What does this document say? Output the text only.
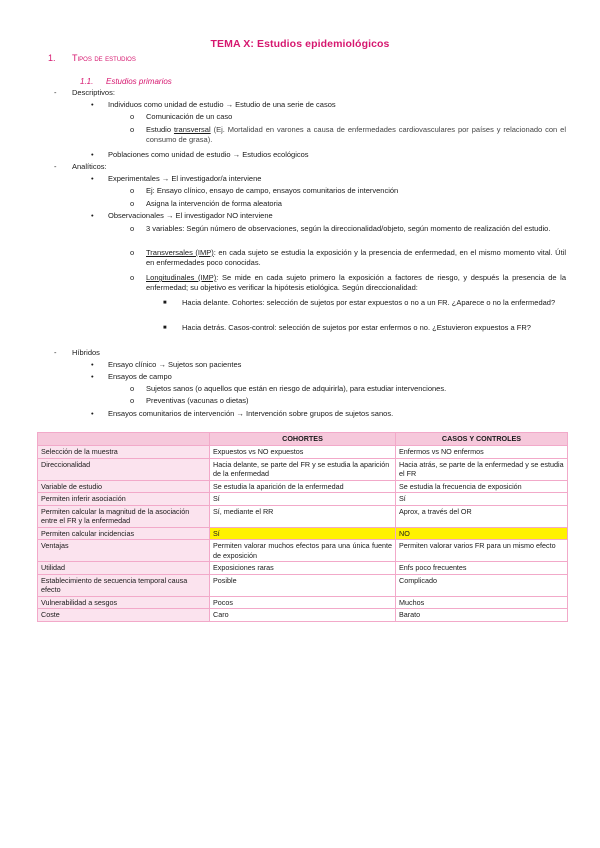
TEMA X: Estudios epidemiológicos
1. Tipos de estudios
1.1. Estudios primarios
- Descriptivos:
• Individuos como unidad de estudio → Estudio de una serie de casos
o Comunicación de un caso
o Estudio transversal (Ej. Mortalidad en varones a causa de enfermedades cardiovasculares por países y relacionado con el consumo de grasa).
• Poblaciones como unidad de estudio → Estudios ecológicos
- Analíticos:
• Experimentales → El investigador/a interviene
o Ej: Ensayo clínico, ensayo de campo, ensayos comunitarios de intervención
o Asigna la intervención de forma aleatoria
• Observacionales → El investigador NO interviene
o 3 variables: Según número de observaciones, según la direccionalidad/objeto, según momento de realización del estudio.
o Transversales (IMP): en cada sujeto se estudia la exposición y la presencia de enfermedad, en el mismo momento vital. Útil en enfermedades poco conocidas.
o Longitudinales (IMP): Se mide en cada sujeto primero la exposición a factores de riesgo, y después la presencia de la enfermedad; su objetivo es verificar la hipótesis etiológica. Según direccionalidad:
■ Hacia delante. Cohortes: selección de sujetos por estar expuestos o no a un FR. ¿Aparece o no la enfermedad?
■ Hacia detrás. Casos-control: selección de sujetos por estar enfermos o no. ¿Estuvieron expuestos a FR?
- Híbridos
• Ensayo clínico → Sujetos son pacientes
• Ensayos de campo
o Sujetos sanos (o aquellos que están en riesgo de adquirirla), para estudiar intervenciones.
o Preventivas (vacunas o dietas)
• Ensayos comunitarios de intervención → Intervención sobre grupos de sujetos sanos.
	COHORTES	CASOS Y CONTROLES
Selección de la muestra	Expuestos vs NO expuestos	Enfermos vs NO enfermos
Direccionalidad	Hacia delante, se parte del FR y se estudia la aparición de la enfermedad	Hacia atrás, se parte de la enfermedad y se estudia el FR
Variable de estudio	Se estudia la aparición de la enfermedad	Se estudia la frecuencia de exposición
Permiten inferir asociación	Sí	Sí
Permiten calcular la magnitud de la asociación entre el FR y la enfermedad	Sí, mediante el RR	Aprox, a través del OR
Permiten calcular incidencias	Sí	NO
Ventajas	Permiten valorar muchos efectos para una única fuente de exposición	Permiten valorar varios FR para un mismo efecto
Utilidad	Exposiciones raras	Enfs poco frecuentes
Establecimiento de secuencia temporal causa efecto	Posible	Complicado
Vulnerabilidad a sesgos	Pocos	Muchos
Coste	Caro	Barato
